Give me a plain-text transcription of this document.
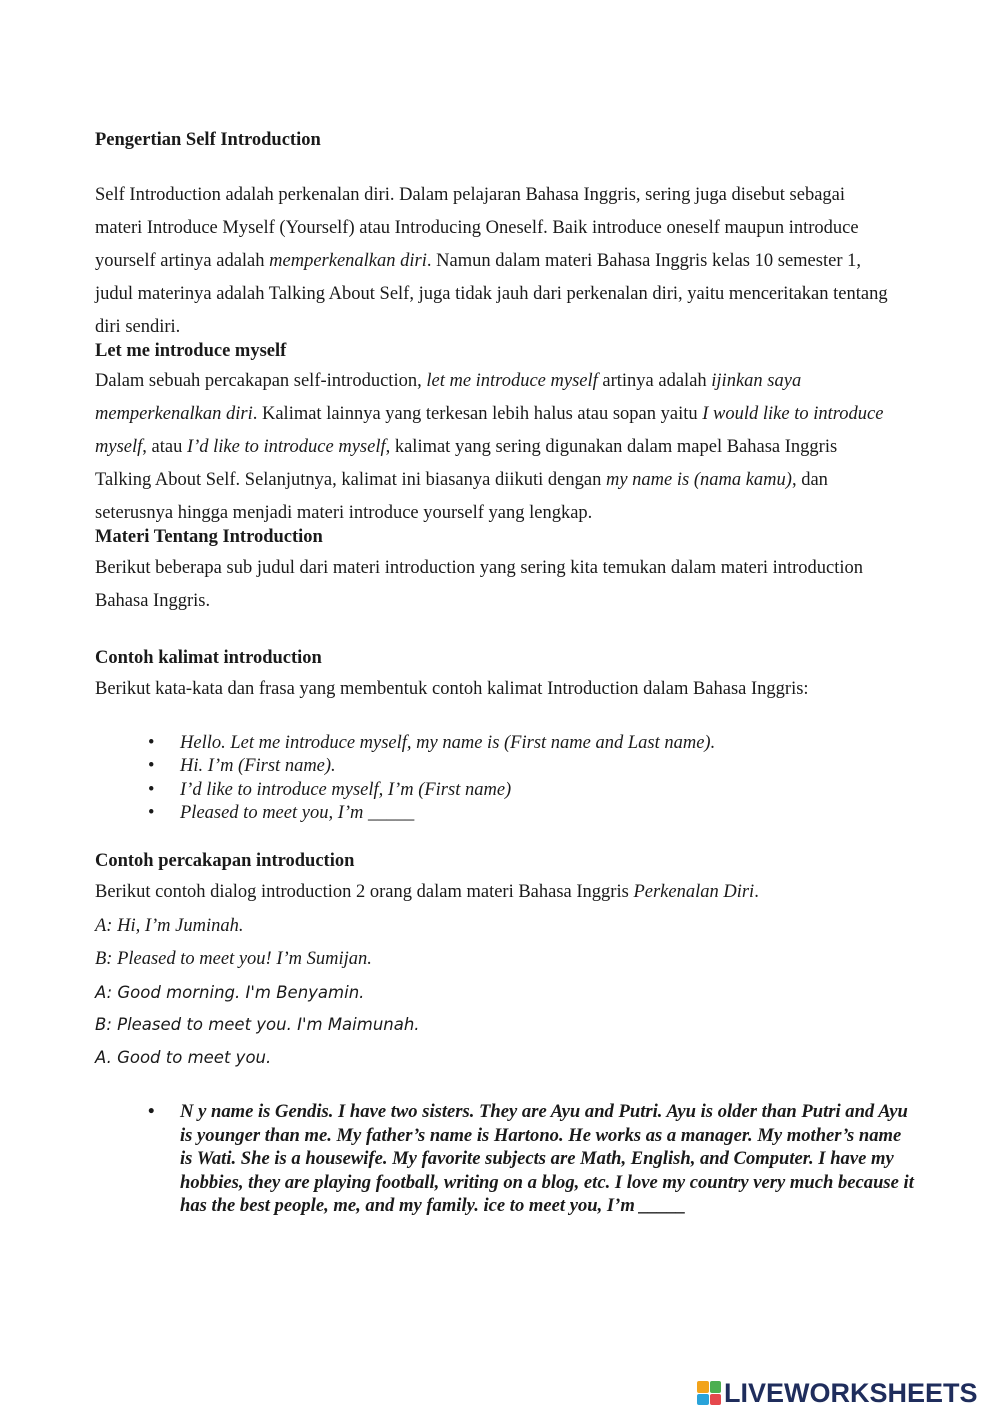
Pengertian Self Introduction

Self Introduction adalah perkenalan diri. Dalam pelajaran Bahasa Inggris, sering juga disebut sebagai materi Introduce Myself (Yourself) atau Introducing Oneself. Baik introduce oneself maupun introduce yourself artinya adalah memperkenalkan diri. Namun dalam materi Bahasa Inggris kelas 10 semester 1, judul materinya adalah Talking About Self, juga tidak jauh dari perkenalan diri, yaitu menceritakan tentang diri sendiri.

Let me introduce myself

Dalam sebuah percakapan self-introduction, let me introduce myself artinya adalah ijinkan saya memperkenalkan diri. Kalimat lainnya yang terkesan lebih halus atau sopan yaitu I would like to introduce myself, atau I’d like to introduce myself, kalimat yang sering digunakan dalam mapel Bahasa Inggris Talking About Self. Selanjutnya, kalimat ini biasanya diikuti dengan my name is (nama kamu), dan seterusnya hingga menjadi materi introduce yourself yang lengkap.

Materi Tentang Introduction

Berikut beberapa sub judul dari materi introduction yang sering kita temukan dalam materi introduction Bahasa Inggris.

Contoh kalimat introduction

Berikut kata-kata dan frasa yang membentuk contoh kalimat Introduction dalam Bahasa Inggris:

• Hello. Let me introduce myself, my name is (First name and Last name).
• Hi. I’m (First name).
• I’d like to introduce myself, I’m (First name)
• Pleased to meet you, I’m _____

Contoh percakapan introduction

Berikut contoh dialog introduction 2 orang dalam materi Bahasa Inggris Perkenalan Diri.

A: Hi, I’m Juminah.

B: Pleased to meet you! I’m Sumijan.

A: Good morning. I'm Benyamin.

B: Pleased to meet you. I'm Maimunah.

A. Good to meet you.

• N y name is Gendis. I have two sisters. They are Ayu and Putri. Ayu is older than Putri and Ayu is younger than me. My father’s name is Hartono. He works as a manager. My mother’s name is Wati. She is a housewife. My favorite subjects are Math, English, and Computer. I have my hobbies, they are playing football, writing on a blog, etc. I love my country very much because it has the best people, me, and my family. ice to meet you, I’m _____
LIVEWORKSHEETS
